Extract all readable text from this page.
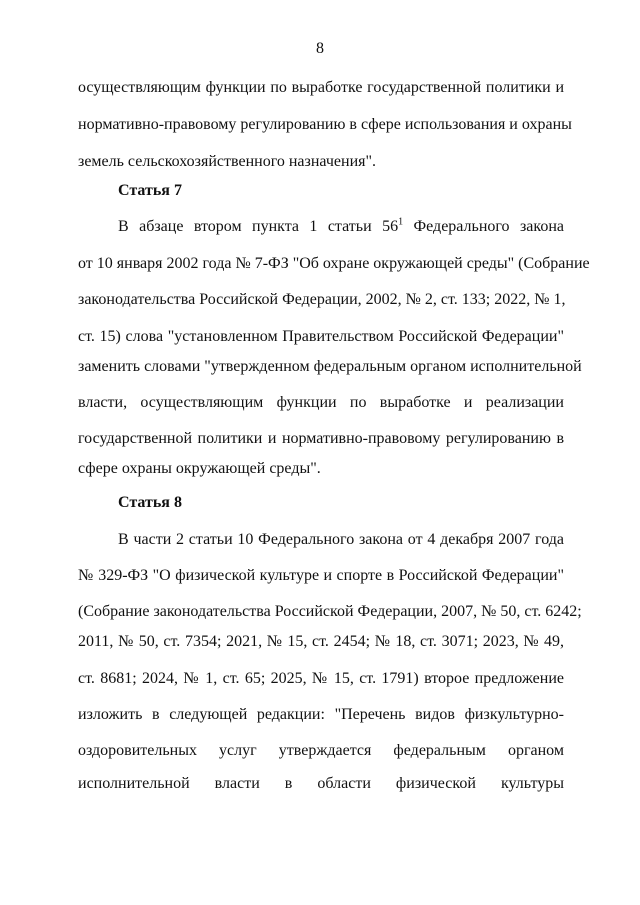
8
осуществляющим функции по выработке государственной политики и
нормативно-правовому регулированию в сфере использования и охраны
земель сельскохозяйственного назначения".
Статья 7
В абзаце втором пункта 1 статьи $56^1$ Федерального закона
от 10 января 2002 года № 7-ФЗ "Об охране окружающей среды" (Собрание
законодательства Российской Федерации, 2002, № 2, ст. 133; 2022, № 1,
ст. 15) слова "установленном Правительством Российской Федерации"
заменить словами "утвержденном федеральным органом исполнительной
власти, осуществляющим функции по выработке и реализации
государственной политики и нормативно-правовому регулированию в
сфере охраны окружающей среды".
Статья 8
В части 2 статьи 10 Федерального закона от 4 декабря 2007 года
№ 329-ФЗ "О физической культуре и спорте в Российской Федерации"
(Собрание законодательства Российской Федерации, 2007, № 50, ст. 6242;
2011, № 50, ст. 7354; 2021, № 15, ст. 2454; № 18, ст. 3071; 2023, № 49,
ст. 8681; 2024, № 1, ст. 65; 2025, № 15, ст. 1791) второе предложение
изложить в следующей редакции: "Перечень видов физкультурно-
оздоровительных услуг утверждается федеральным органом
исполнительной власти в области физической культуры
